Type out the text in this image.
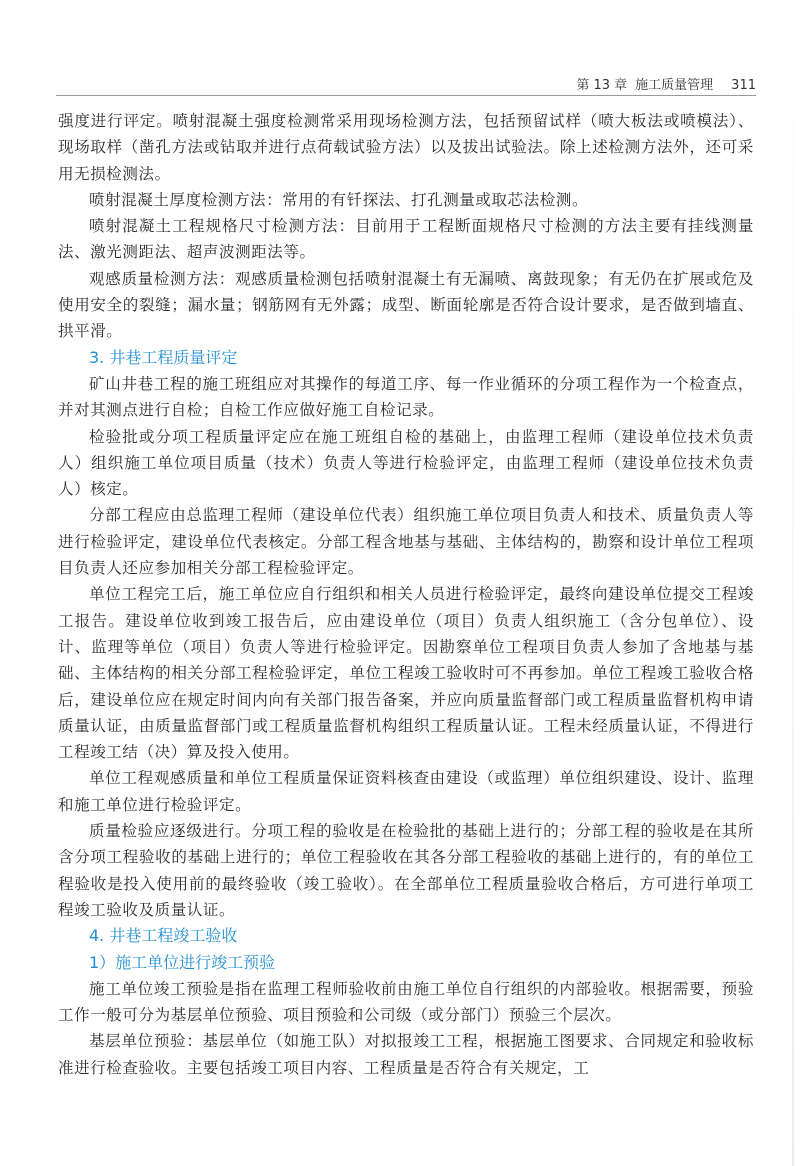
第 13 章 施工质量管理 311

强度进行评定。喷射混凝土强度检测常采用现场检测方法，包括预留试样（喷大板法或喷模法）、现场取样（凿孔方法或钻取并进行点荷载试验方法）以及拔出试验法。除上述检测方法外，还可采用无损检测法。

喷射混凝土厚度检测方法：常用的有钎探法、打孔测量或取芯法检测。

喷射混凝土工程规格尺寸检测方法：目前用于工程断面规格尺寸检测的方法主要有挂线测量法、激光测距法、超声波测距法等。

观感质量检测方法：观感质量检测包括喷射混凝土有无漏喷、离鼓现象；有无仍在扩展或危及使用安全的裂缝；漏水量；钢筋网有无外露；成型、断面轮廓是否符合设计要求，是否做到墙直、拱平滑。

3. 井巷工程质量评定

矿山井巷工程的施工班组应对其操作的每道工序、每一作业循环的分项工程作为一个检查点，并对其测点进行自检；自检工作应做好施工自检记录。

检验批或分项工程质量评定应在施工班组自检的基础上，由监理工程师（建设单位技术负责人）组织施工单位项目质量（技术）负责人等进行检验评定，由监理工程师（建设单位技术负责人）核定。

分部工程应由总监理工程师（建设单位代表）组织施工单位项目负责人和技术、质量负责人等进行检验评定，建设单位代表核定。分部工程含地基与基础、主体结构的，勘察和设计单位工程项目负责人还应参加相关分部工程检验评定。

单位工程完工后，施工单位应自行组织和相关人员进行检验评定，最终向建设单位提交工程竣工报告。建设单位收到竣工报告后，应由建设单位（项目）负责人组织施工（含分包单位）、设计、监理等单位（项目）负责人等进行检验评定。因勘察单位工程项目负责人参加了含地基与基础、主体结构的相关分部工程检验评定，单位工程竣工验收时可不再参加。单位工程竣工验收合格后，建设单位应在规定时间内向有关部门报告备案，并应向质量监督部门或工程质量监督机构申请质量认证，由质量监督部门或工程质量监督机构组织工程质量认证。工程未经质量认证，不得进行工程竣工结（决）算及投入使用。

单位工程观感质量和单位工程质量保证资料核查由建设（或监理）单位组织建设、设计、监理和施工单位进行检验评定。

质量检验应逐级进行。分项工程的验收是在检验批的基础上进行的；分部工程的验收是在其所含分项工程验收的基础上进行的；单位工程验收在其各分部工程验收的基础上进行的，有的单位工程验收是投入使用前的最终验收（竣工验收）。在全部单位工程质量验收合格后，方可进行单项工程竣工验收及质量认证。

4. 井巷工程竣工验收
1）施工单位进行竣工预验

施工单位竣工预验是指在监理工程师验收前由施工单位自行组织的内部验收。根据需要，预验工作一般可分为基层单位预验、项目预验和公司级（或分部门）预验三个层次。

基层单位预验：基层单位（如施工队）对拟报竣工工程，根据施工图要求、合同规定和验收标准进行检查验收。主要包括竣工项目内容、工程质量是否符合有关规定，工
